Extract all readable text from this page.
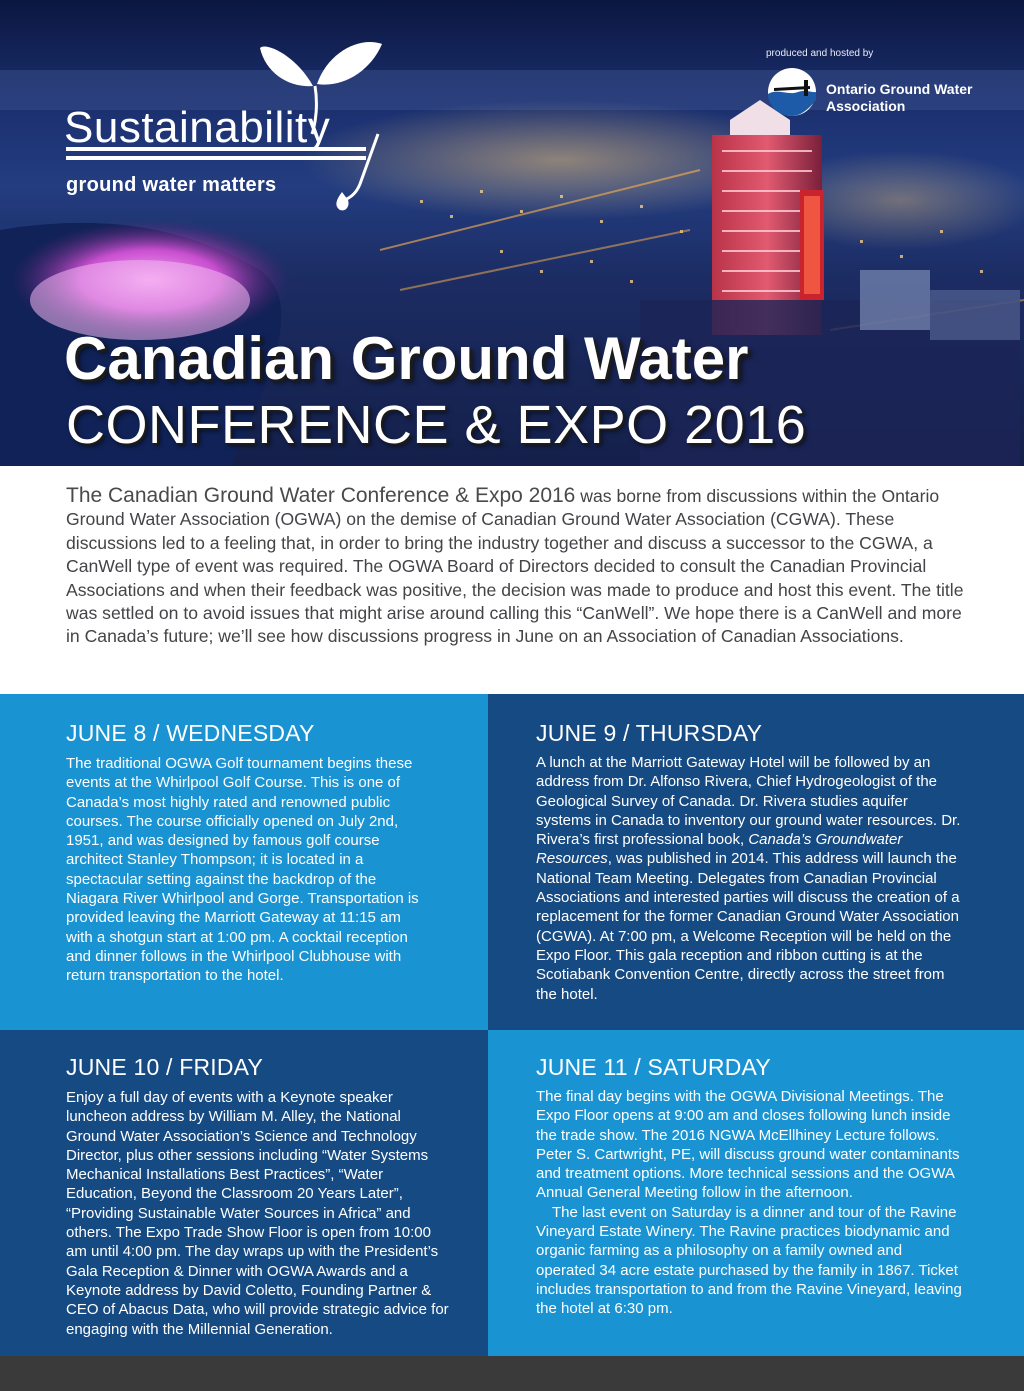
produced and hosted by
Ontario Ground Water Association
Sustainability
ground water matters
Canadian Ground Water
CONFERENCE & EXPO 2016
The Canadian Ground Water Conference & Expo 2016 was borne from discussions within the Ontario Ground Water Association (OGWA) on the demise of Canadian Ground Water Association (CGWA). These discussions led to a feeling that, in order to bring the industry together and discuss a successor to the CGWA, a CanWell type of event was required. The OGWA Board of Directors decided to consult the Canadian Provincial Associations and when their feedback was positive, the decision was made to produce and host this event. The title was settled on to avoid issues that might arise around calling this “CanWell”. We hope there is a CanWell and more in Canada’s future; we’ll see how discussions progress in June on an Association of Canadian Associations.
JUNE 8 / WEDNESDAY

The traditional OGWA Golf tournament begins these events at the Whirlpool Golf Course. This is one of Canada’s most highly rated and renowned public courses. The course officially opened on July 2nd, 1951, and was designed by famous golf course architect Stanley Thompson; it is located in a spectacular setting against the backdrop of the Niagara River Whirlpool and Gorge. Transportation is provided leaving the Marriott Gateway at 11:15 am with a shotgun start at 1:00 pm. A cocktail reception and dinner follows in the Whirlpool Clubhouse with return transportation to the hotel.

JUNE 9 / THURSDAY

A lunch at the Marriott Gateway Hotel will be followed by an address from Dr. Alfonso Rivera, Chief Hydrogeologist of the Geological Survey of Canada. Dr. Rivera studies aquifer systems in Canada to inventory our ground water resources. Dr. Rivera’s first professional book, Canada’s Groundwater Resources, was published in 2014. This address will launch the National Team Meeting. Delegates from Canadian Provincial Associations and interested parties will discuss the creation of a replacement for the former Canadian Ground Water Association (CGWA). At 7:00 pm, a Welcome Reception will be held on the Expo Floor. This gala reception and ribbon cutting is at the Scotiabank Convention Centre, directly across the street from the hotel.

JUNE 10 / FRIDAY

Enjoy a full day of events with a Keynote speaker luncheon address by William M. Alley, the National Ground Water Association’s Science and Technology Director, plus other sessions including “Water Systems Mechanical Installations Best Practices”, “Water Education, Beyond the Classroom 20 Years Later”, “Providing Sustainable Water Sources in Africa” and others. The Expo Trade Show Floor is open from 10:00 am until 4:00 pm. The day wraps up with the President’s Gala Reception & Dinner with OGWA Awards and a Keynote address by David Coletto, Founding Partner & CEO of Abacus Data, who will provide strategic advice for engaging with the Millennial Generation.

JUNE 11 / SATURDAY

The final day begins with the OGWA Divisional Meetings. The Expo Floor opens at 9:00 am and closes following lunch inside the trade show. The 2016 NGWA McEllhiney Lecture follows. Peter S. Cartwright, PE, will discuss ground water contaminants and treatment options. More technical sessions and the OGWA Annual General Meeting follow in the afternoon.

The last event on Saturday is a dinner and tour of the Ravine Vineyard Estate Winery. The Ravine practices biodynamic and organic farming as a philosophy on a family owned and operated 34 acre estate purchased by the family in 1867. Ticket includes transportation to and from the Ravine Vineyard, leaving the hotel at 6:30 pm.
